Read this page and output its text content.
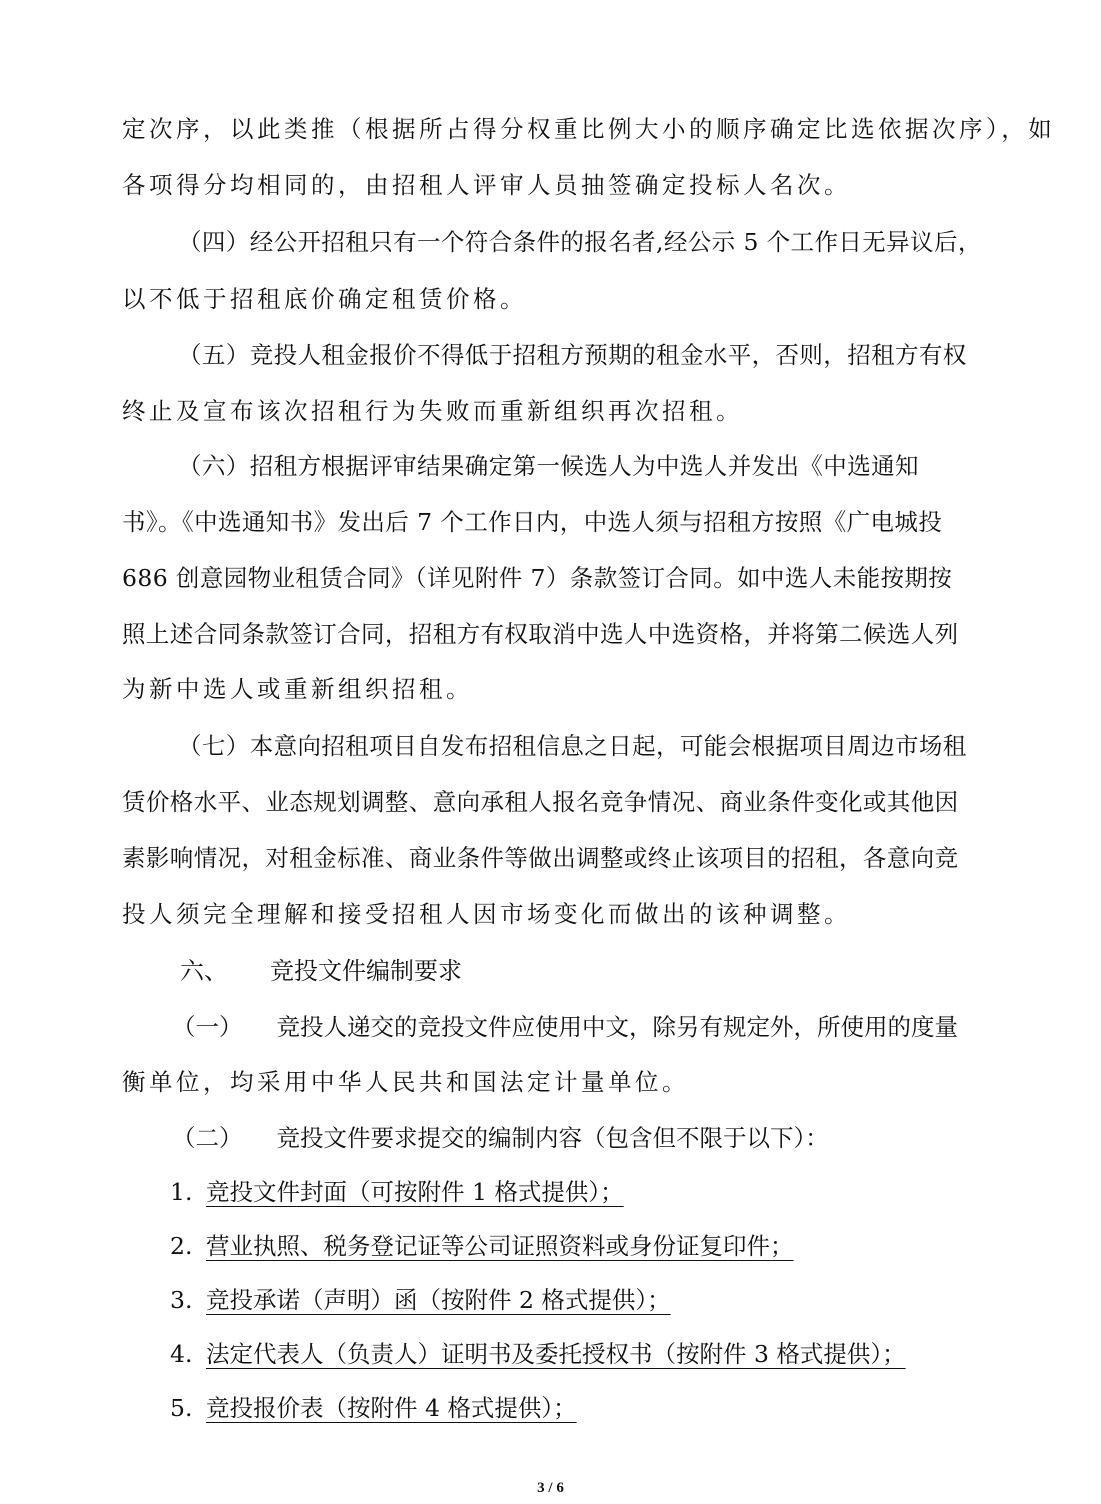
定次序，以此类推（根据所占得分权重比例大小的顺序确定比选依据次序），如
各项得分均相同的，由招租人评审人员抽签确定投标人名次。
（四）经公开招租只有一个符合条件的报名者,经公示 5 个工作日无异议后，
以不低于招租底价确定租赁价格。
（五）竞投人租金报价不得低于招租方预期的租金水平，否则，招租方有权
终止及宣布该次招租行为失败而重新组织再次招租。
（六）招租方根据评审结果确定第一候选人为中选人并发出《中选通知
书》。《中选通知书》发出后 7 个工作日内，中选人须与招租方按照《广电城投
686 创意园物业租赁合同》（详见附件 7）条款签订合同。如中选人未能按期按
照上述合同条款签订合同，招租方有权取消中选人中选资格，并将第二候选人列
为新中选人或重新组织招租。
（七）本意向招租项目自发布招租信息之日起，可能会根据项目周边市场租
赁价格水平、业态规划调整、意向承租人报名竞争情况、商业条件变化或其他因
素影响情况，对租金标准、商业条件等做出调整或终止该项目的招租，各意向竞
投人须完全理解和接受招租人因市场变化而做出的该种调整。
六、 竞投文件编制要求
（一） 竞投人递交的竞投文件应使用中文，除另有规定外，所使用的度量
衡单位，均采用中华人民共和国法定计量单位。
（二） 竞投文件要求提交的编制内容（包含但不限于以下）：
1. 竞投文件封面（可按附件 1 格式提供）；
2. 营业执照、税务登记证等公司证照资料或身份证复印件；
3. 竞投承诺（声明）函（按附件 2 格式提供）；
4. 法定代表人（负责人）证明书及委托授权书（按附件 3 格式提供）；
5. 竞投报价表（按附件 4 格式提供）；
3 / 6
